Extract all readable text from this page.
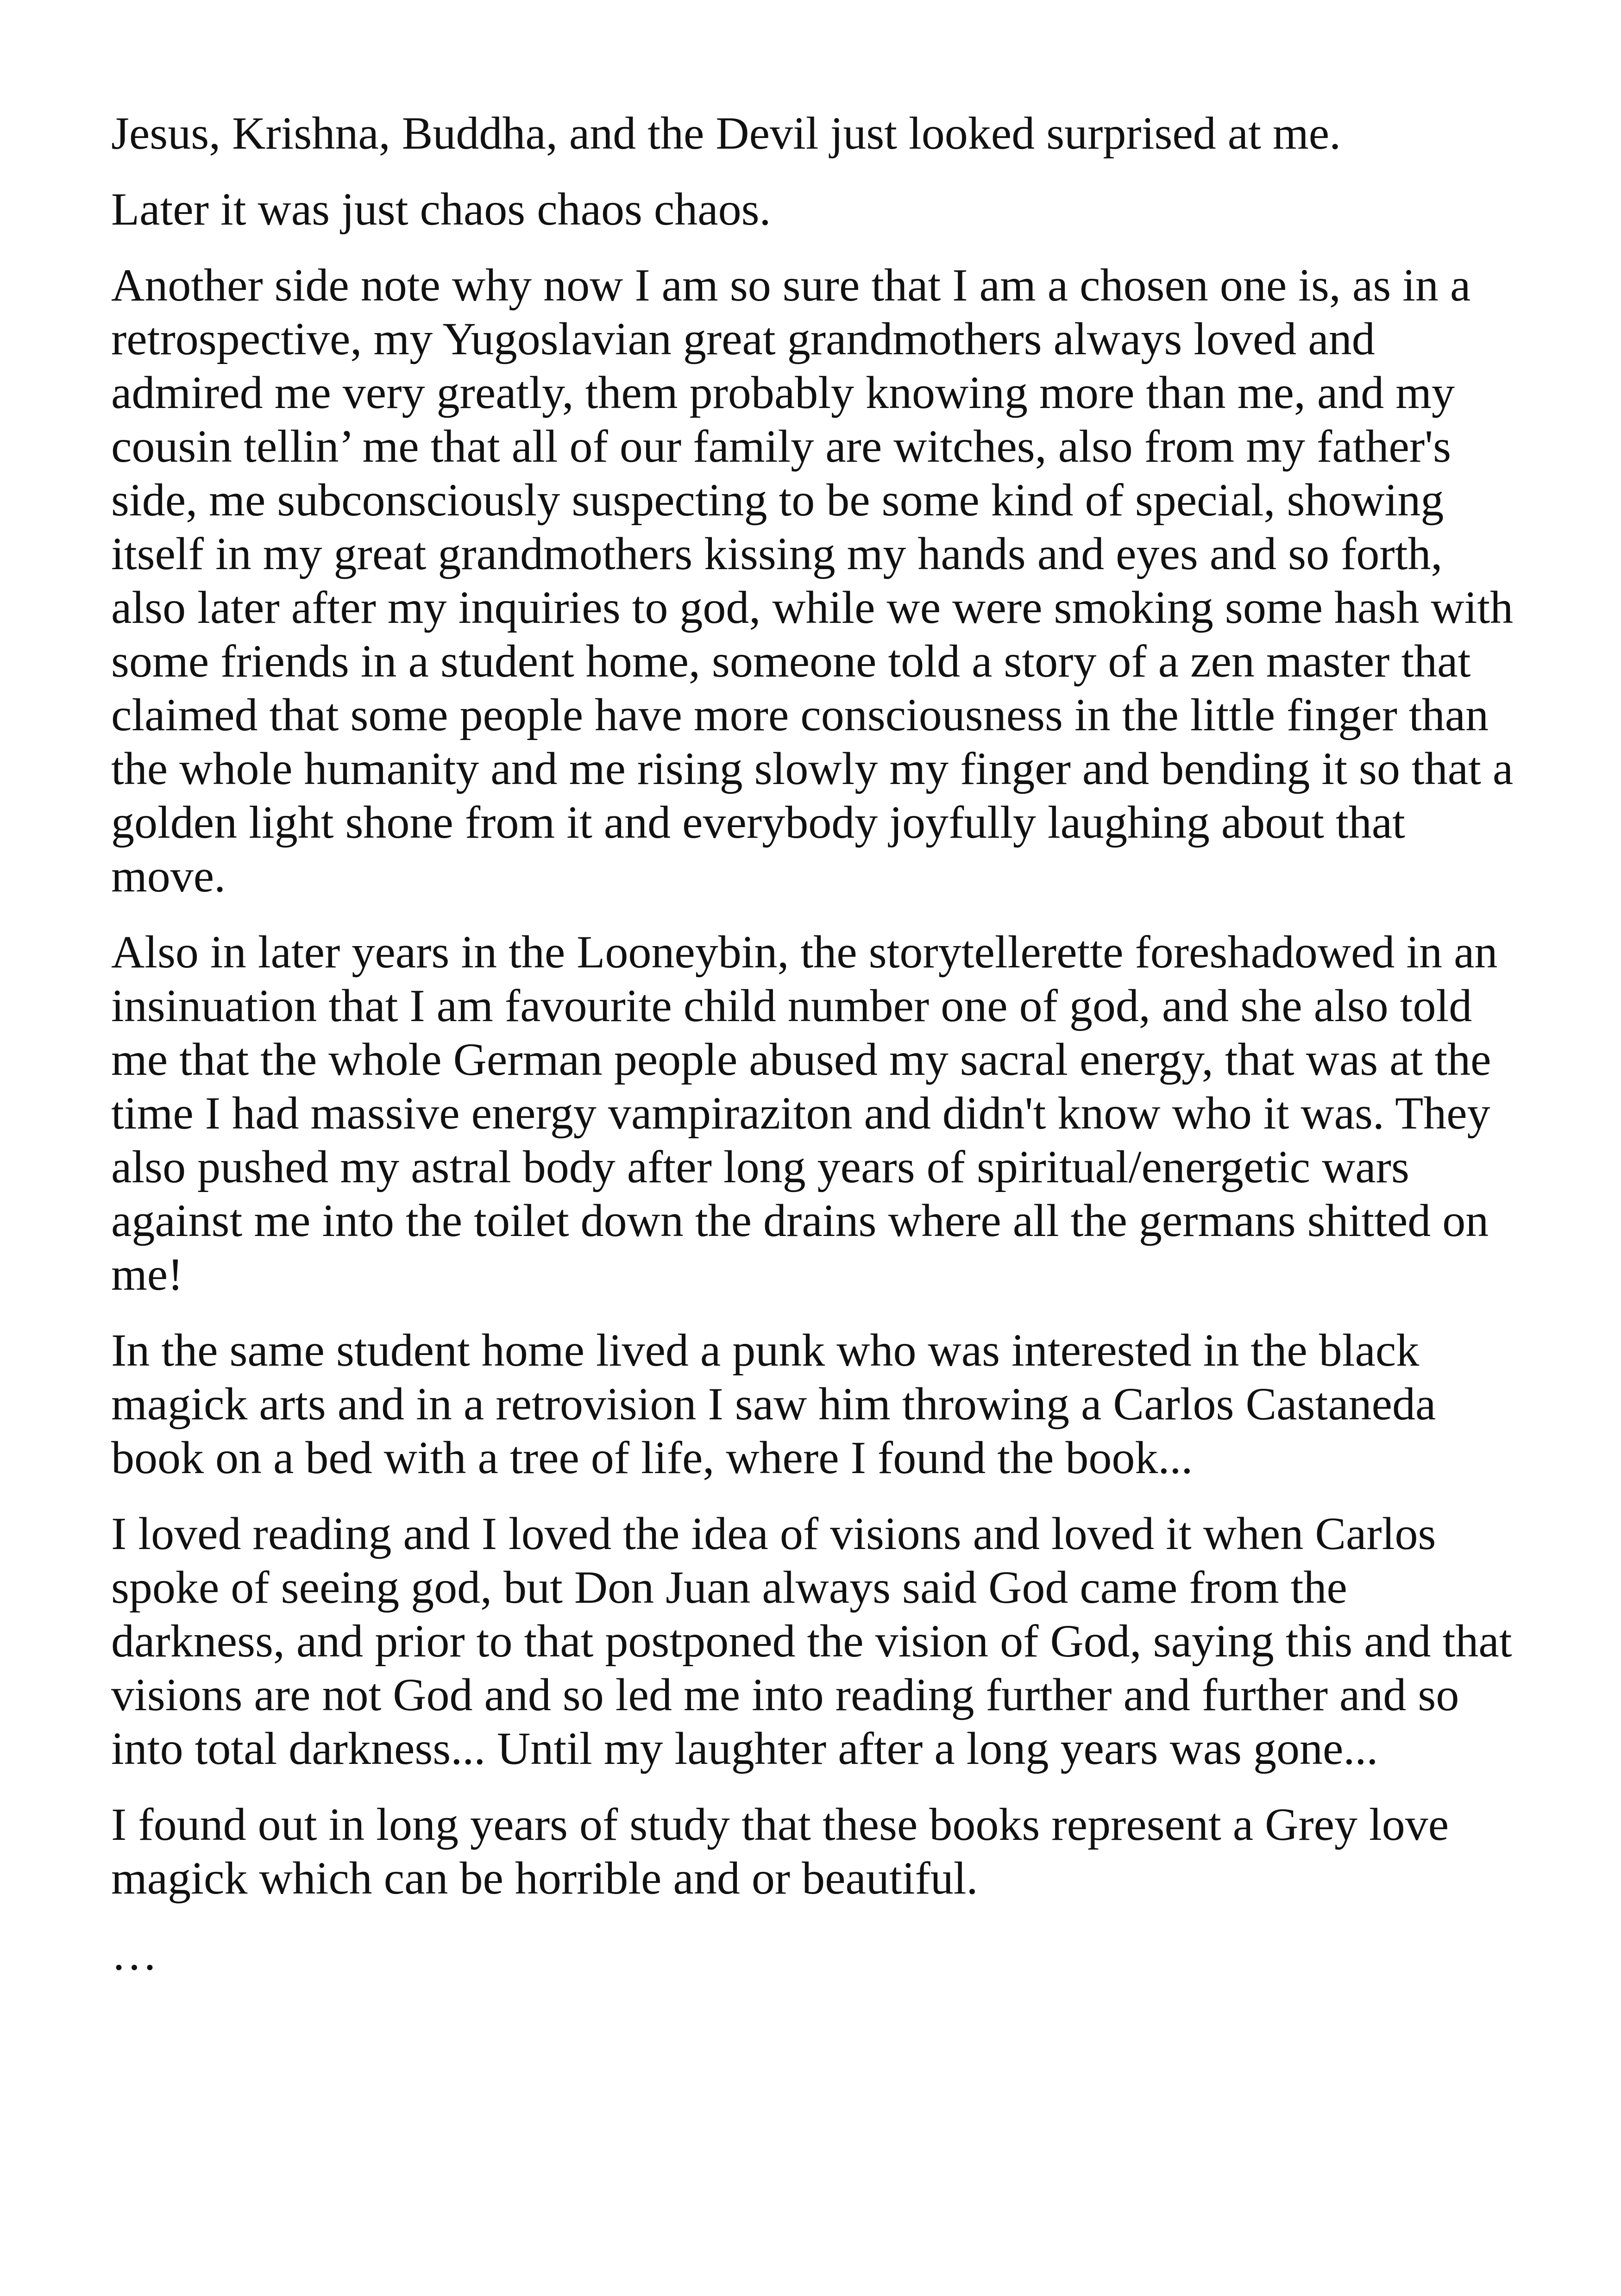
Jesus, Krishna, Buddha, and the Devil just looked surprised at me.

Later it was just chaos chaos chaos.

Another side note why now I am so sure that I am a chosen one is, as in a retrospective, my Yugoslavian great grandmothers always loved and admired me very greatly, them probably knowing more than me, and my cousin tellin’ me that all of our family are witches, also from my father's side, me subconsciously suspecting to be some kind of special, showing itself in my great grandmothers kissing my hands and eyes and so forth, also later after my inquiries to god, while we were smoking some hash with some friends in a student home, someone told a story of a zen master that claimed that some people have more consciousness in the little finger than the whole humanity and me rising slowly my finger and bending it so that a golden light shone from it and everybody joyfully laughing about that move.

Also in later years in the Looneybin, the storytellerette foreshadowed in an insinuation that I am favourite child number one of god, and she also told me that the whole German people abused my sacral energy, that was at the time I had massive energy vampiraziton and didn't know who it was. They also pushed my astral body after long years of spiritual/energetic wars against me into the toilet down the drains where all the germans shitted on me!

In the same student home lived a punk who was interested in the black magick arts and in a retrovision I saw him throwing a Carlos Castaneda book on a bed with a tree of life, where I found the book...

I loved reading and I loved the idea of visions and loved it when Carlos spoke of seeing god, but Don Juan always said God came from the darkness, and prior to that postponed the vision of God, saying this and that visions are not God and so led me into reading further and further and so into total darkness... Until my laughter after a long years was gone...

I found out in long years of study that these books represent a Grey love magick which can be horrible and or beautiful.

…
